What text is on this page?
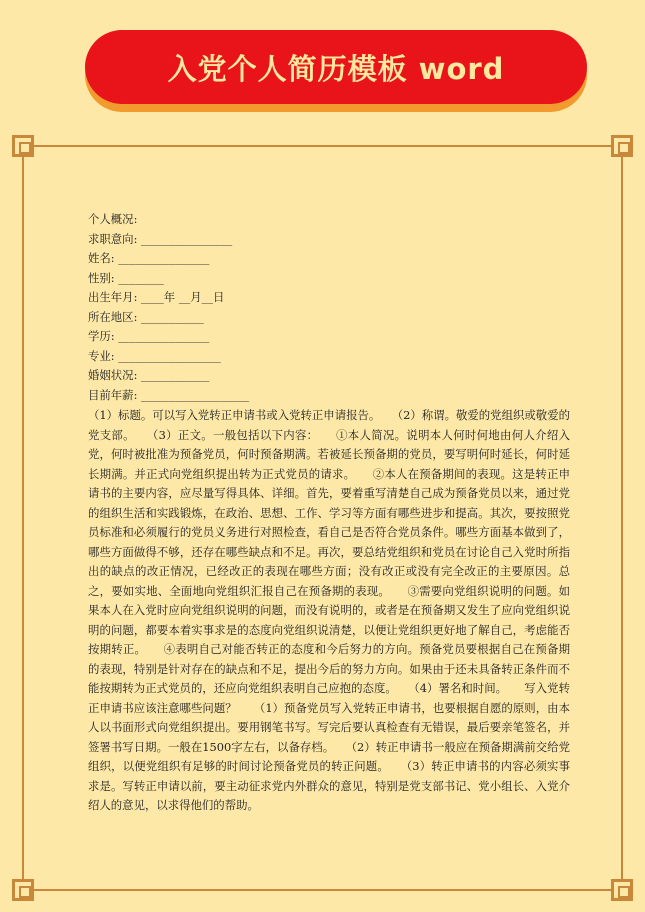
入党个人简历模板 word
个人概况:
求职意向: ________________
姓名: ________________
性别: ________
出生年月: ____年 __月__日
所在地区: ___________
学历: ________________
专业: __________________
婚姻状况: ____________
目前年薪: ___________________
（1）标题。可以写入党转正申请书或入党转正申请报告。　　（2）称谓。敬爱的党组织或敬爱的党支部。　　（3）正文。一般包括以下内容：　　①本人简况。说明本人何时何地由何人介绍入党，何时被批准为预备党员，何时预备期满。若被延长预备期的党员，要写明何时延长，何时延长期满。并正式向党组织提出转为正式党员的请求。　　②本人在预备期间的表现。这是转正申请书的主要内容，应尽量写得具体、详细。首先，要着重写清楚自己成为预备党员以来，通过党的组织生活和实践锻炼，在政治、思想、工作、学习等方面有哪些进步和提高。其次，要按照党员标准和必须履行的党员义务进行对照检查，看自己是否符合党员条件。哪些方面基本做到了，哪些方面做得不够，还存在哪些缺点和不足。再次，要总结党组织和党员在讨论自己入党时所指出的缺点的改正情况，已经改正的表现在哪些方面；没有改正或没有完全改正的主要原因。总之，要如实地、全面地向党组织汇报自己在预备期的表现。　　③需要向党组织说明的问题。如果本人在入党时应向党组织说明的问题，而没有说明的，或者是在预备期又发生了应向党组织说明的问题，都要本着实事求是的态度向党组织说清楚，以便让党组织更好地了解自己，考虑能否按期转正。　　④表明自己对能否转正的态度和今后努力的方向。预备党员要根据自己在预备期的表现，特别是针对存在的缺点和不足，提出今后的努力方向。如果由于还未具备转正条件而不能按期转为正式党员的，还应向党组织表明自己应抱的态度。　　（4）署名和时间。　　写入党转正申请书应该注意哪些问题？　　（1）预备党员写入党转正申请书，也要根据自愿的原则，由本人以书面形式向党组织提出。要用钢笔书写。写完后要认真检查有无错误，最后要亲笔签名，并签署书写日期。一般在1500字左右，以备存档。　　（2）转正申请书一般应在预备期满前交给党组织，以便党组织有足够的时间讨论预备党员的转正问题。　　（3）转正申请书的内容必须实事求是。写转正申请以前，要主动征求党内外群众的意见，特别是党支部书记、党小组长、入党介绍人的意见，以求得他们的帮助。
